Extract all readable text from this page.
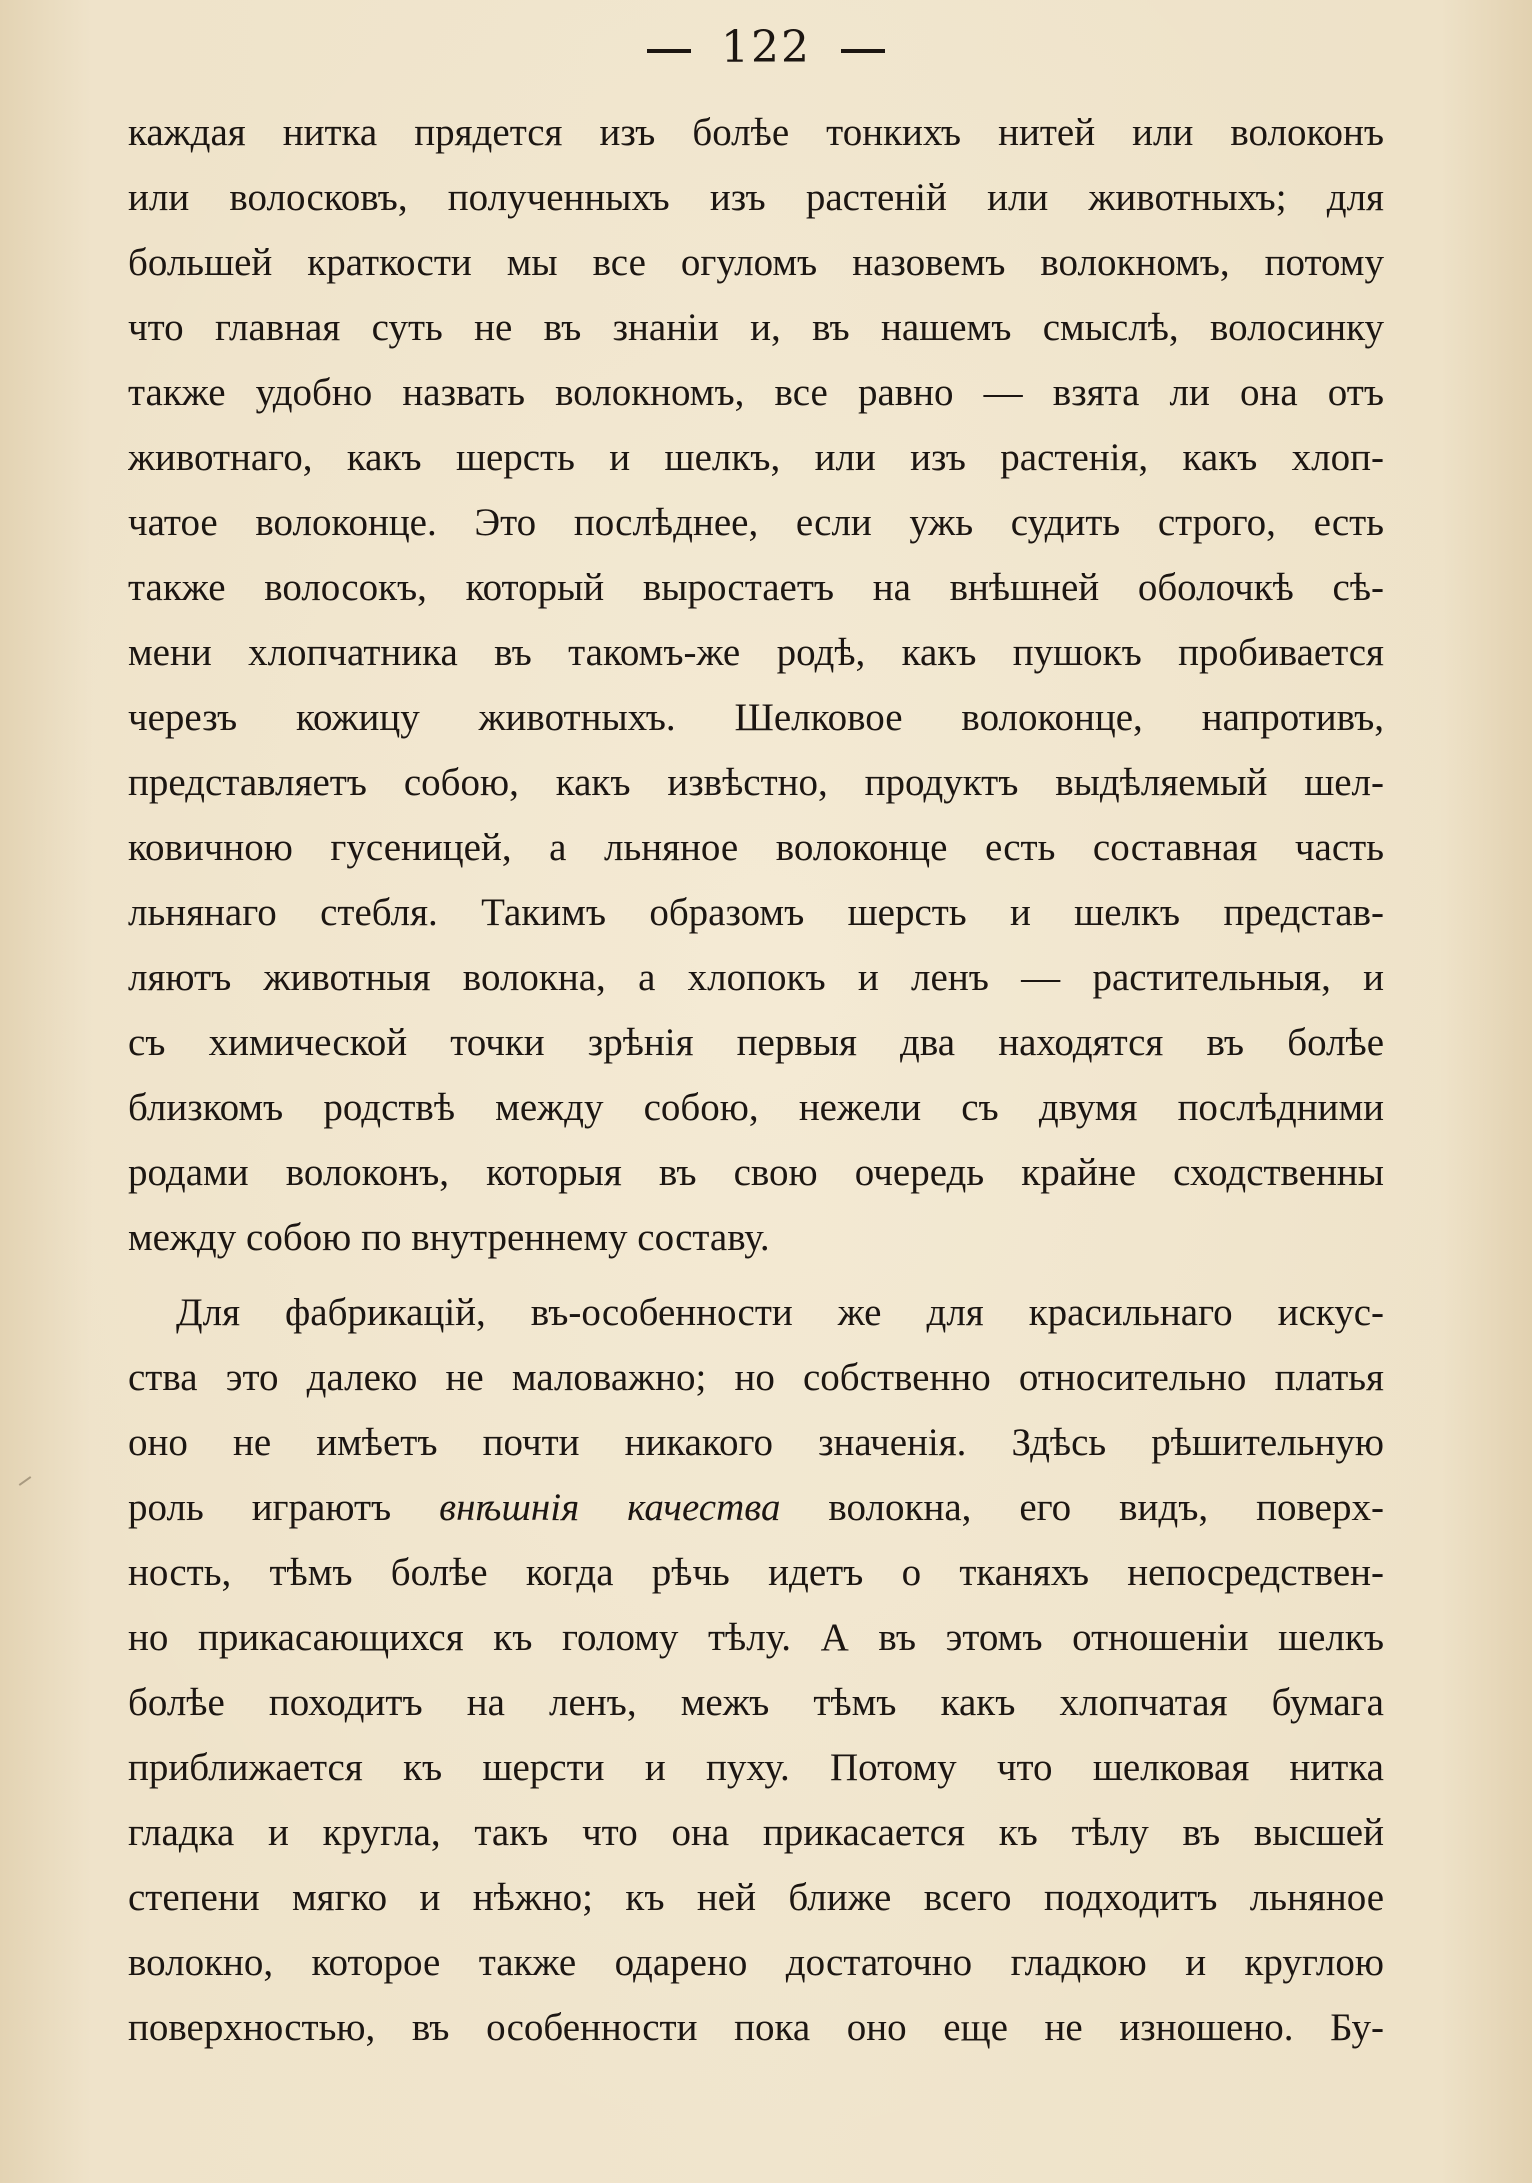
122
каждая нитка прядется изъ болѣе тонкихъ нитей или волоконъ
или волосковъ, полученныхъ изъ растеній или животныхъ; для
большей краткости мы все огуломъ назовемъ волокномъ, потому
что главная суть не въ знаніи и, въ нашемъ смыслѣ, волосинку
также удобно назвать волокномъ, все равно — взята ли она отъ
животнаго, какъ шерсть и шелкъ, или изъ растенія, какъ хлоп-
чатое волоконце. Это послѣднее, если ужь судить строго, есть
также волосокъ, который выростаетъ на внѣшней оболочкѣ сѣ-
мени хлопчатника въ такомъ-же родѣ, какъ пушокъ пробивается
черезъ кожицу животныхъ. Шелковое волоконце, напротивъ,
представляетъ собою, какъ извѣстно, продуктъ выдѣляемый шел-
ковичною гусеницей, а льняное волоконце есть составная часть
льнянаго стебля. Такимъ образомъ шерсть и шелкъ представ-
ляютъ животныя волокна, а хлопокъ и ленъ — растительныя, и
съ химической точки зрѣнія первыя два находятся въ болѣе
близкомъ родствѣ между собою, нежели съ двумя послѣдними
родами волоконъ, которыя въ свою очередь крайне сходственны
между собою по внутреннему составу.
Для фабрикацій, въ-особенности же для красильнаго искус-
ства это далеко не маловажно; но собственно относительно платья
оно не имѣетъ почти никакого значенія. Здѣсь рѣшительную
роль играютъ внѣшнія качества волокна, его видъ, поверх-
ность, тѣмъ болѣе когда рѣчь идетъ о тканяхъ непосредствен-
но прикасающихся къ голому тѣлу. А въ этомъ отношеніи шелкъ
болѣе походитъ на ленъ, межъ тѣмъ какъ хлопчатая бумага
приближается къ шерсти и пуху. Потому что шелковая нитка
гладка и кругла, такъ что она прикасается къ тѣлу въ высшей
степени мягко и нѣжно; къ ней ближе всего подходитъ льняное
волокно, которое также одарено достаточно гладкою и круглою
поверхностью, въ особенности пока оно еще не изношено. Бу-
